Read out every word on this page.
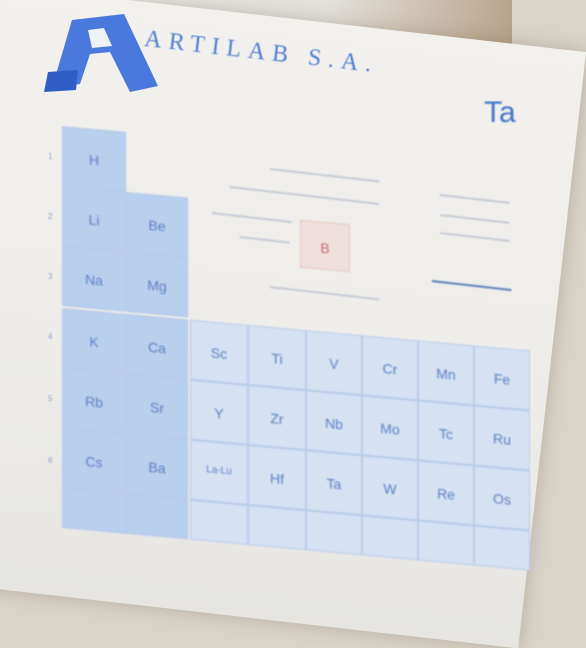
ARTILAB S.A.

Ta
1
2
3
4
5
6
H
Li	Be
Na	Mg
K	Ca	Sc	Ti	V	Cr	Mn	Fe
Rb	Sr	Y	Zr	Nb	Mo	Tc	Ru
Cs	Ba	La-Lu	Hf	Ta	W	Re	Os
B
